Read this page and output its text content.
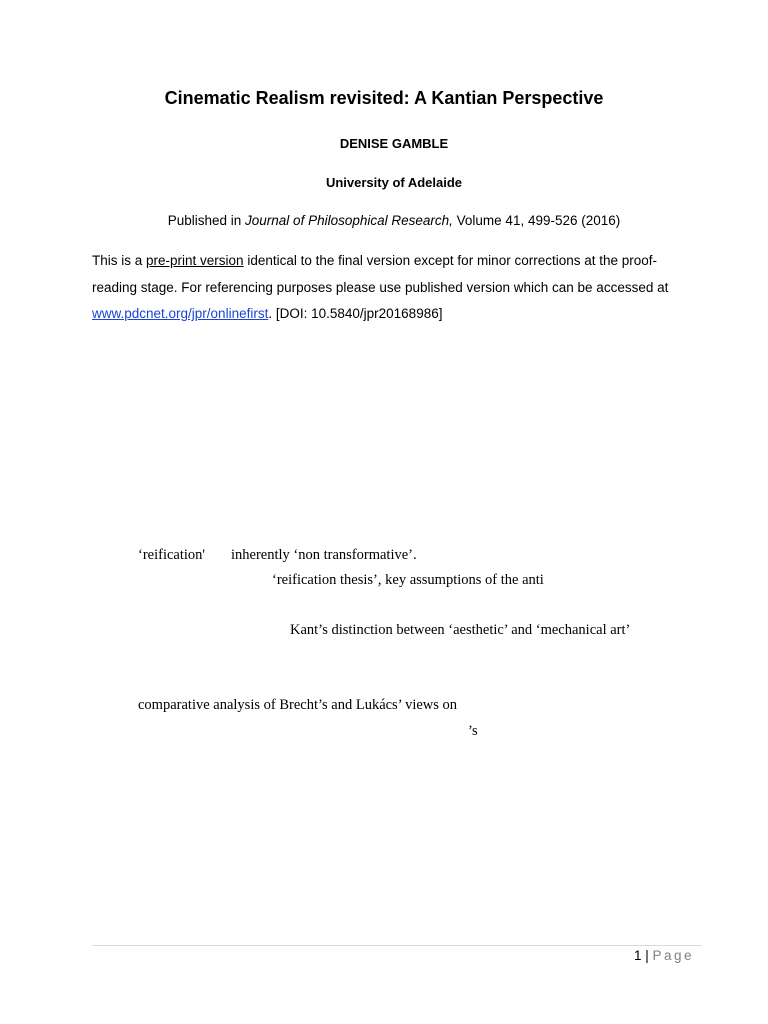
Cinematic Realism revisited: A Kantian Perspective
DENISE GAMBLE
University of Adelaide
Published in Journal of Philosophical Research, Volume 41, 499-526 (2016)
This is a pre-print version identical to the final version except for minor corrections at the proof-
reading stage. For referencing purposes please use published version which can be accessed at
www.pdcnet.org/jpr/onlinefirst. [DOI: 10.5840/jpr20168986]
‘reification' inherently ‘non transformative’.
‘reification thesis’, key assumptions of the anti
Kant’s distinction between ‘aesthetic’ and ‘mechanical art’
comparative analysis of Brecht’s and Lukács’ views on
’s
1 | Page
